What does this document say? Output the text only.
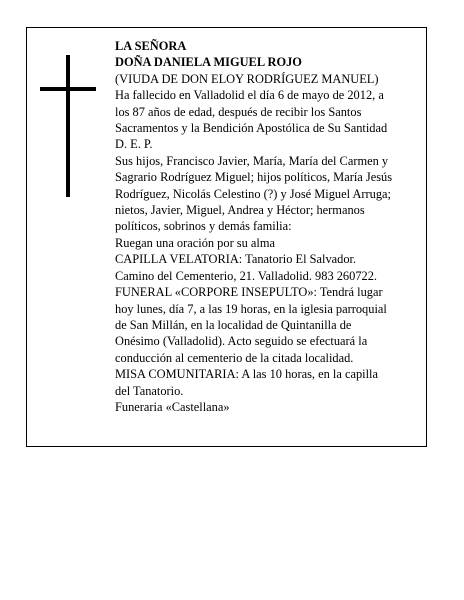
LA SEÑORA

DOÑA DANIELA MIGUEL ROJO

(VIUDA DE DON ELOY RODRÍGUEZ MANUEL)

Ha fallecido en Valladolid el día 6 de mayo de 2012, a

los 87 años de edad, después de recibir los Santos

Sacramentos y la Bendición Apostólica de Su Santidad

D. E. P.

Sus hijos, Francisco Javier, María, María del Carmen y

Sagrario Rodríguez Miguel; hijos políticos, María Jesús

Rodríguez, Nicolás Celestino (?) y José Miguel Arruga;

nietos, Javier, Miguel, Andrea y Héctor; hermanos

políticos, sobrinos y demás familia:

Ruegan una oración por su alma

CAPILLA VELATORIA: Tanatorio El Salvador.

Camino del Cementerio, 21. Valladolid. 983 260722.

FUNERAL «CORPORE INSEPULTO»: Tendrá lugar

hoy lunes, día 7, a las 19 horas, en la iglesia parroquial

de San Millán, en la localidad de Quintanilla de

Onésimo (Valladolid). Acto seguido se efectuará la

conducción al cementerio de la citada localidad.

MISA COMUNITARIA: A las 10 horas, en la capilla

del Tanatorio.

Funeraria «Castellana»
